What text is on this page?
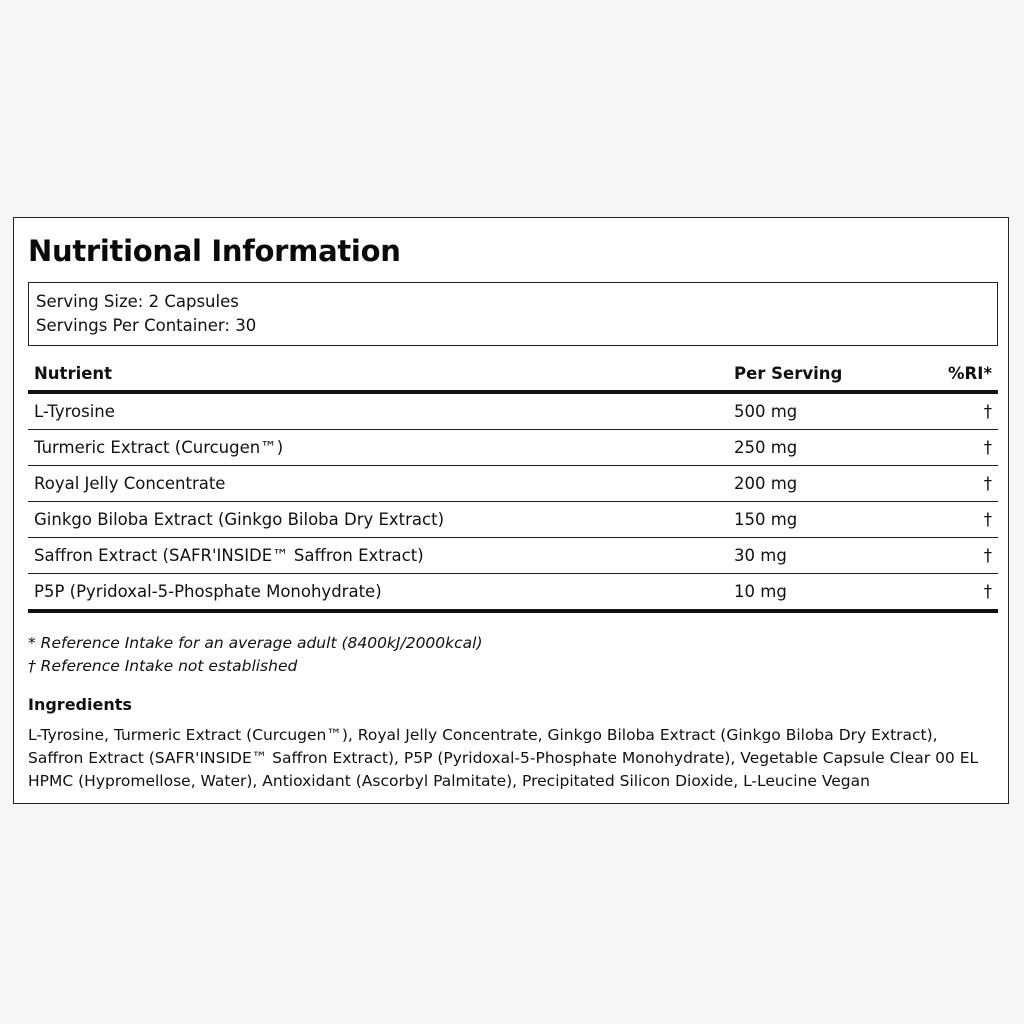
Nutritional Information
Serving Size: 2 Capsules
Servings Per Container: 30
Nutrient	Per Serving	%RI*
L-Tyrosine	500 mg	†
Turmeric Extract (Curcugen™)	250 mg	†
Royal Jelly Concentrate	200 mg	†
Ginkgo Biloba Extract (Ginkgo Biloba Dry Extract)	150 mg	†
Saffron Extract (SAFR'INSIDE™ Saffron Extract)	30 mg	†
P5P (Pyridoxal-5-Phosphate Monohydrate)	10 mg	†
* Reference Intake for an average adult (8400kJ/2000kcal)
† Reference Intake not established
Ingredients
L-Tyrosine, Turmeric Extract (Curcugen™), Royal Jelly Concentrate, Ginkgo Biloba Extract (Ginkgo Biloba Dry Extract), Saffron Extract (SAFR'INSIDE™ Saffron Extract), P5P (Pyridoxal-5-Phosphate Monohydrate), Vegetable Capsule Clear 00 EL HPMC (Hypromellose, Water), Antioxidant (Ascorbyl Palmitate), Precipitated Silicon Dioxide, L-Leucine Vegan
